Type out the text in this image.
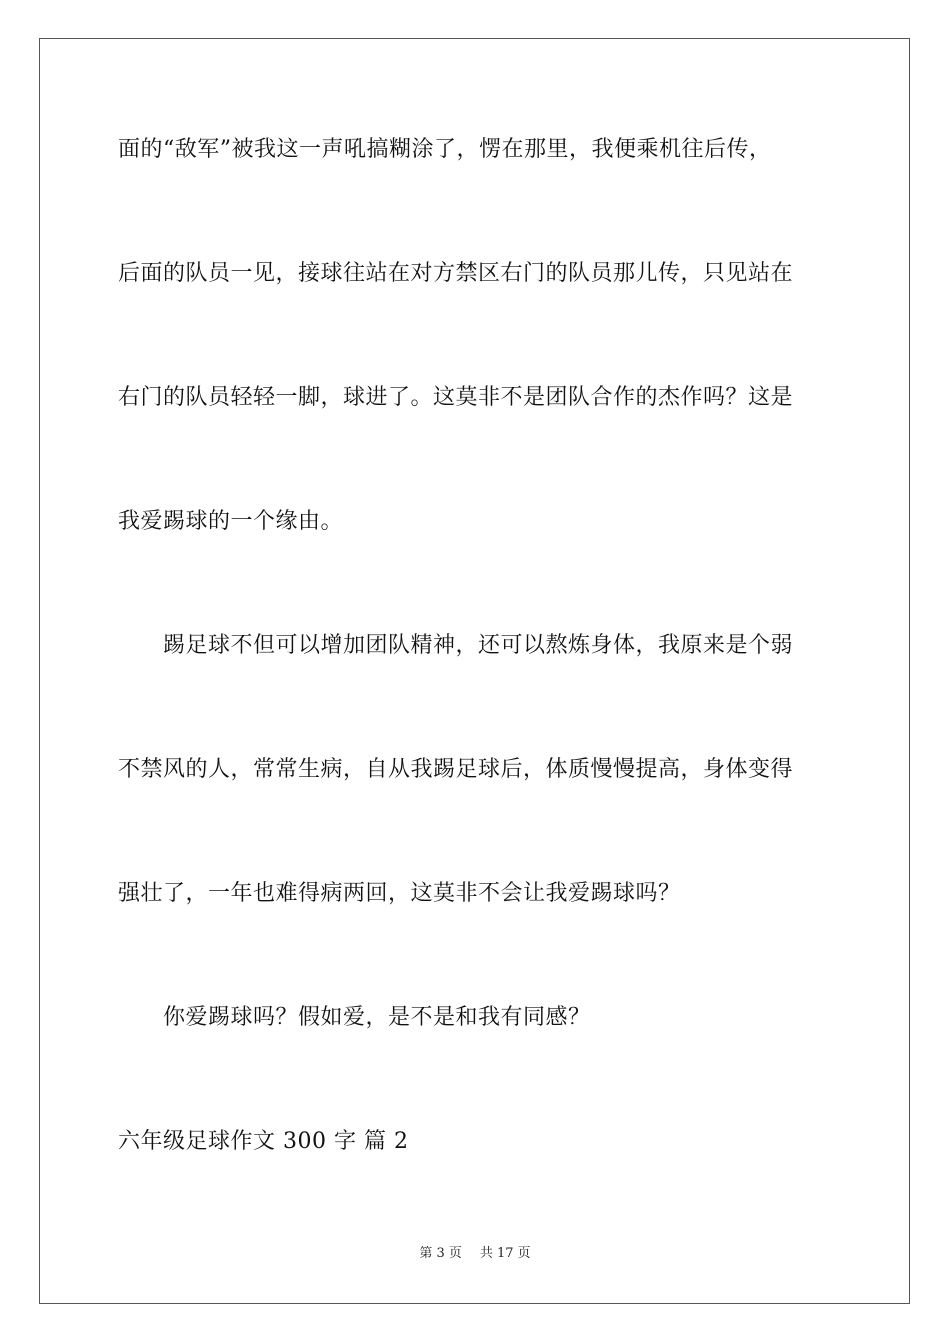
面的“敌军”被我这一声吼搞糊涂了，愣在那里，我便乘机往后传，
后面的队员一见，接球往站在对方禁区右门的队员那儿传，只见站在
右门的队员轻轻一脚，球进了。这莫非不是团队合作的杰作吗？这是
我爱踢球的一个缘由。
踢足球不但可以增加团队精神，还可以熬炼身体，我原来是个弱
不禁风的人，常常生病，自从我踢足球后，体质慢慢提高，身体变得
强壮了，一年也难得病两回，这莫非不会让我爱踢球吗？
你爱踢球吗？假如爱，是不是和我有同感？
六年级足球作文 300 字 篇 2
第 3 页 共 17 页
